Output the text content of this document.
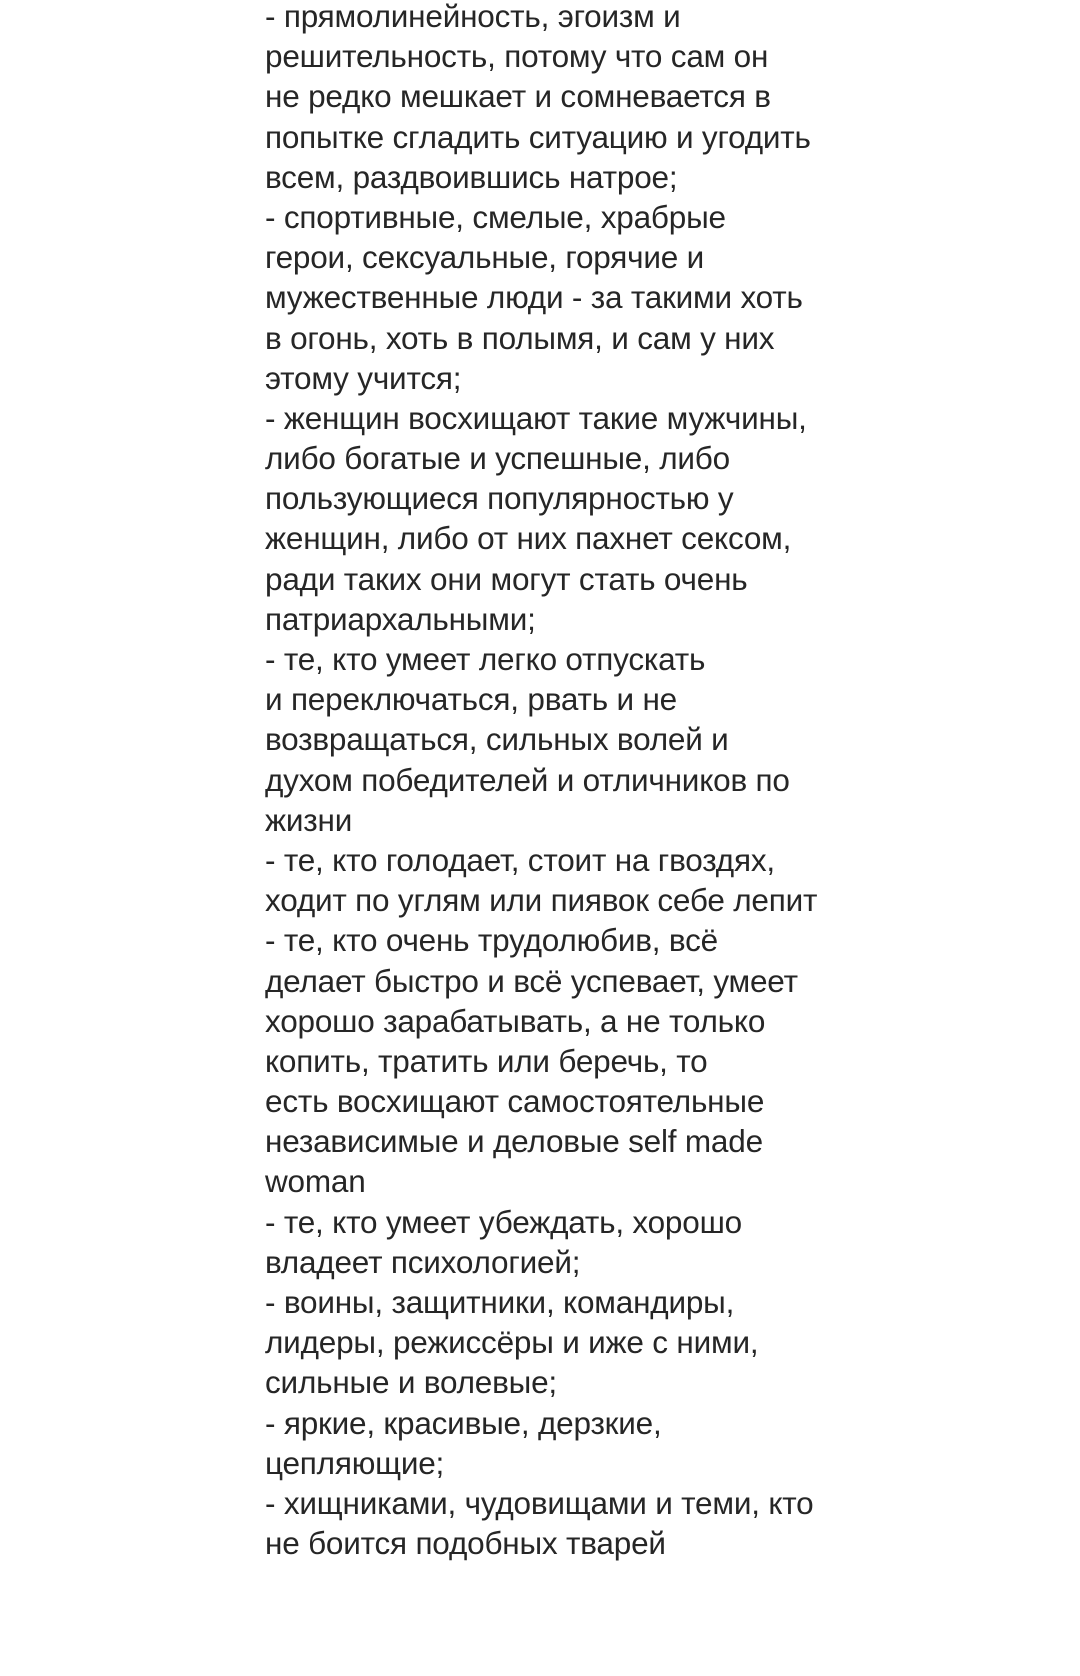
- прямолинейность, эгоизм и
решительность, потому что сам он
не редко мешкает и сомневается в
попытке сгладить ситуацию и угодить
всем, раздвоившись натрое;
- спортивные, смелые, храбрые
герои, сексуальные, горячие и
мужественные люди - за такими хоть
в огонь, хоть в полымя, и сам у них
этому учится;
- женщин восхищают такие мужчины,
либо богатые и успешные, либо
пользующиеся популярностью у
женщин, либо от них пахнет сексом,
ради таких они могут стать очень
патриархальными;
- те, кто умеет легко отпускать
и переключаться, рвать и не
возвращаться, сильных волей и
духом победителей и отличников по
жизни
- те, кто голодает, стоит на гвоздях,
ходит по углям или пиявок себе лепит
- те, кто очень трудолюбив, всё
делает быстро и всё успевает, умеет
хорошо зарабатывать, а не только
копить, тратить или беречь, то
есть восхищают самостоятельные
независимые и деловые self made
woman
- те, кто умеет убеждать, хорошо
владеет психологией;
- воины, защитники, командиры,
лидеры, режиссёры и иже с ними,
сильные и волевые;
- яркие, красивые, дерзкие,
цепляющие;
- хищниками, чудовищами и теми, кто
не боится подобных тварей
